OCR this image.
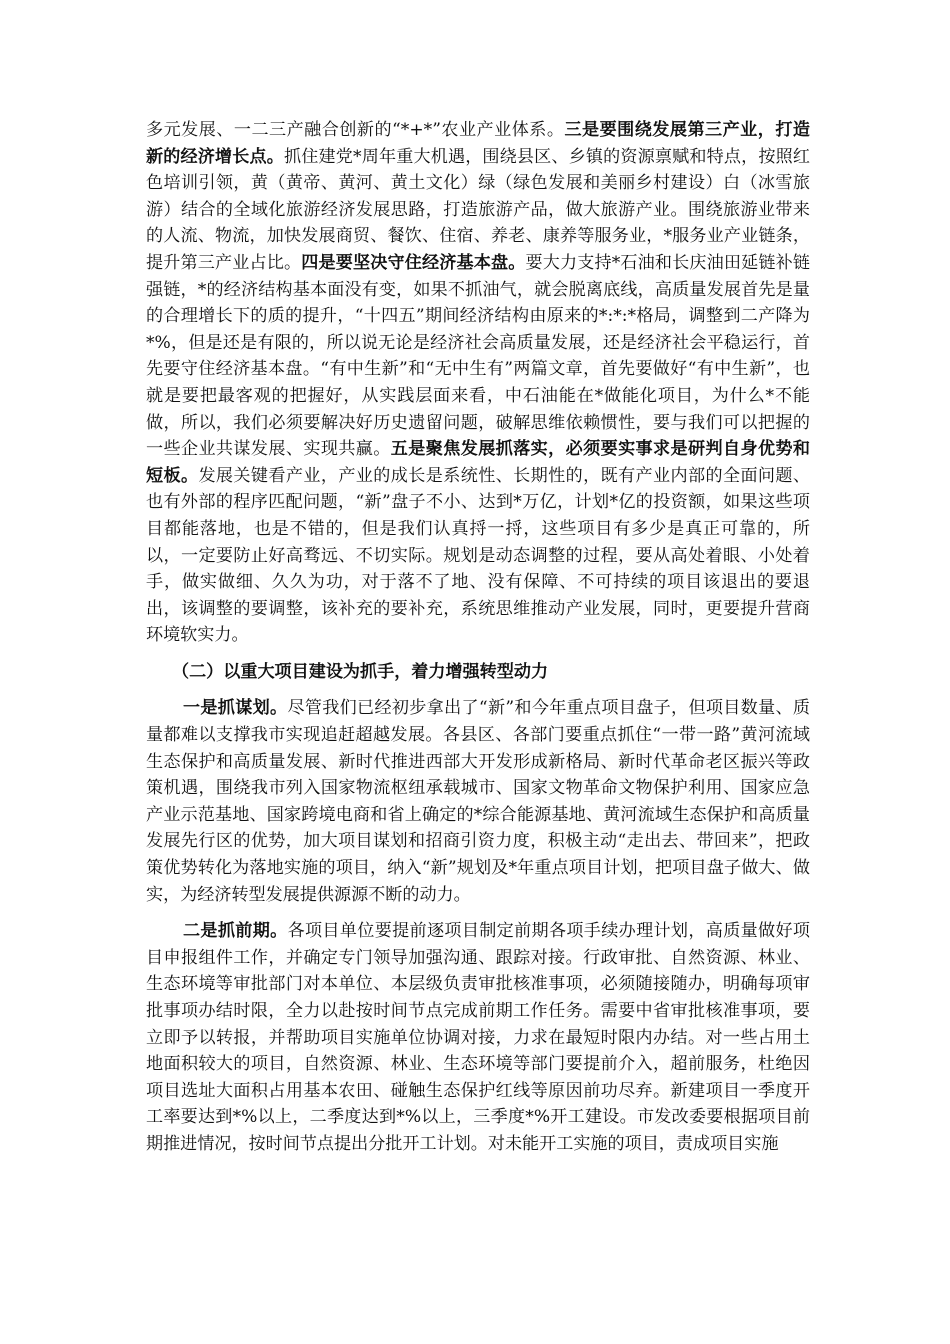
多元发展、一二三产融合创新的“*+*”农业产业体系。三是要围绕发展第三产业，打造新的经济增长点。抓住建党*周年重大机遇，围绕县区、乡镇的资源禀赋和特点，按照红色培训引领，黄（黄帝、黄河、黄土文化）绿（绿色发展和美丽乡村建设）白（冰雪旅游）结合的全域化旅游经济发展思路，打造旅游产品，做大旅游产业。围绕旅游业带来的人流、物流，加快发展商贸、餐饮、住宿、养老、康养等服务业，*服务业产业链条，提升第三产业占比。四是要坚决守住经济基本盘。要大力支持*石油和长庆油田延链补链强链，*的经济结构基本面没有变，如果不抓油气，就会脱离底线，高质量发展首先是量的合理增长下的质的提升，“十四五”期间经济结构由原来的*:*:*格局，调整到二产降为*%，但是还是有限的，所以说无论是经济社会高质量发展，还是经济社会平稳运行，首先要守住经济基本盘。“有中生新”和“无中生有”两篇文章，首先要做好“有中生新”，也就是要把最客观的把握好，从实践层面来看，中石油能在*做能化项目，为什么*不能做，所以，我们必须要解决好历史遗留问题，破解思维依赖惯性，要与我们可以把握的一些企业共谋发展、实现共赢。五是聚焦发展抓落实，必须要实事求是研判自身优势和短板。发展关键看产业，产业的成长是系统性、长期性的，既有产业内部的全面问题、也有外部的程序匹配问题，“新”盘子不小、达到*万亿，计划*亿的投资额，如果这些项目都能落地，也是不错的，但是我们认真捋一捋，这些项目有多少是真正可靠的，所以，一定要防止好高骛远、不切实际。规划是动态调整的过程，要从高处着眼、小处着手，做实做细、久久为功，对于落不了地、没有保障、不可持续的项目该退出的要退出，该调整的要调整，该补充的要补充，系统思维推动产业发展，同时，更要提升营商环境软实力。

（二）以重大项目建设为抓手，着力增强转型动力

一是抓谋划。尽管我们已经初步拿出了“新”和今年重点项目盘子，但项目数量、质量都难以支撑我市实现追赶超越发展。各县区、各部门要重点抓住“一带一路”黄河流域生态保护和高质量发展、新时代推进西部大开发形成新格局、新时代革命老区振兴等政策机遇，围绕我市列入国家物流枢纽承载城市、国家文物革命文物保护利用、国家应急产业示范基地、国家跨境电商和省上确定的*综合能源基地、黄河流域生态保护和高质量发展先行区的优势，加大项目谋划和招商引资力度，积极主动“走出去、带回来”，把政策优势转化为落地实施的项目，纳入“新”规划及*年重点项目计划，把项目盘子做大、做实，为经济转型发展提供源源不断的动力。

二是抓前期。各项目单位要提前逐项目制定前期各项手续办理计划，高质量做好项目申报组件工作，并确定专门领导加强沟通、跟踪对接。行政审批、自然资源、林业、生态环境等审批部门对本单位、本层级负责审批核准事项，必须随接随办，明确每项审批事项办结时限，全力以赴按时间节点完成前期工作任务。需要中省审批核准事项，要立即予以转报，并帮助项目实施单位协调对接，力求在最短时限内办结。对一些占用土地面积较大的项目，自然资源、林业、生态环境等部门要提前介入，超前服务，杜绝因项目选址大面积占用基本农田、碰触生态保护红线等原因前功尽弃。新建项目一季度开工率要达到*%以上，二季度达到*%以上，三季度*%开工建设。市发改委要根据项目前期推进情况，按时间节点提出分批开工计划。对未能开工实施的项目，责成项目实施
